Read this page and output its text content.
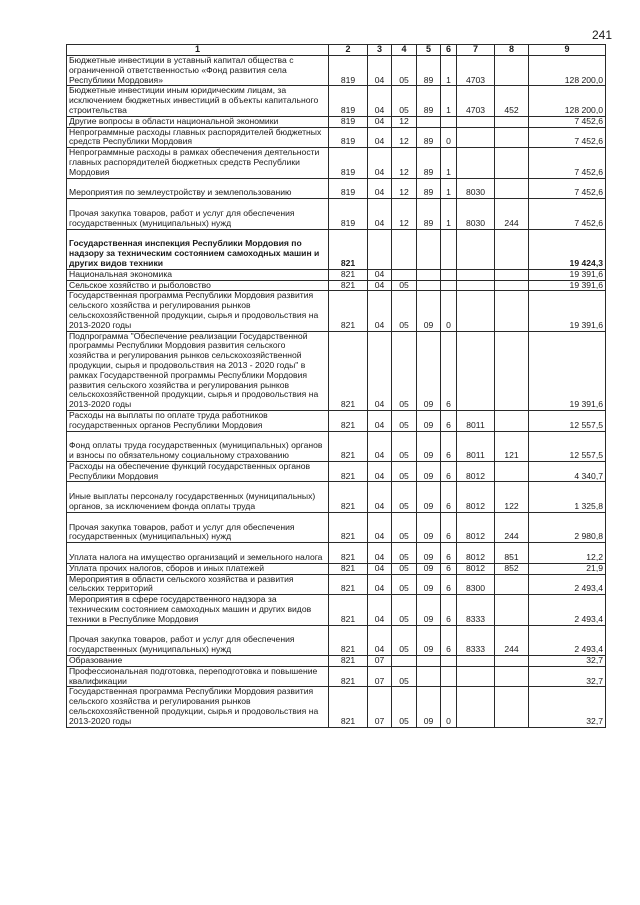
241
1	2	3	4	5	6	7	8	9
Бюджетные инвестиции в уставный капитал общества с ограниченной ответственностью «Фонд развития села Республики Мордовия»	819	04	05	89	1	4703		128 200,0
Бюджетные инвестиции иным юридическим лицам, за исключением бюджетных инвестиций в объекты капитального строительства	819	04	05	89	1	4703	452	128 200,0
Другие вопросы в области национальной экономики	819	04	12					7 452,6
Непрограммные расходы главных распорядителей бюджетных средств Республики Мордовия	819	04	12	89	0			7 452,6
Непрограммные расходы в рамках обеспечения деятельности главных распорядителей бюджетных средств Республики Мордовия	819	04	12	89	1			7 452,6
Мероприятия по землеустройству и землепользованию	819	04	12	89	1	8030		7 452,6
Прочая закупка товаров, работ и услуг для обеспечения государственных (муниципальных) нужд	819	04	12	89	1	8030	244	7 452,6
Государственная инспекция Республики Мордовия по надзору за техническим состоянием самоходных машин и других видов техники	821							19 424,3
Национальная экономика	821	04						19 391,6
Сельское хозяйство и рыболовство	821	04	05					19 391,6
Государственная программа Республики Мордовия развития сельского хозяйства и регулирования рынков сельскохозяйственной продукции, сырья и продовольствия на 2013-2020 годы	821	04	05	09	0			19 391,6
Подпрограмма "Обеспечение реализации Государственной программы Республики Мордовия развития сельского хозяйства и регулирования рынков сельскохозяйственной продукции, сырья и продовольствия на 2013 - 2020 годы" в рамках Государственной программы Республики Мордовия развития сельского хозяйства и регулирования рынков сельскохозяйственной продукции, сырья и продовольствия на 2013-2020 годы	821	04	05	09	6			19 391,6
Расходы на выплаты по оплате труда работников государственных органов Республики Мордовия	821	04	05	09	6	8011		12 557,5
Фонд оплаты труда государственных (муниципальных) органов и взносы по обязательному социальному страхованию	821	04	05	09	6	8011	121	12 557,5
Расходы на обеспечение функций государственных органов Республики Мордовия	821	04	05	09	6	8012		4 340,7
Иные выплаты персоналу государственных (муниципальных) органов, за исключением фонда оплаты труда	821	04	05	09	6	8012	122	1 325,8
Прочая закупка товаров, работ и услуг для обеспечения государственных (муниципальных) нужд	821	04	05	09	6	8012	244	2 980,8
Уплата налога на имущество организаций и земельного налога	821	04	05	09	6	8012	851	12,2
Уплата прочих налогов, сборов и иных платежей	821	04	05	09	6	8012	852	21,9
Мероприятия в области сельского хозяйства и развития сельских территорий	821	04	05	09	6	8300		2 493,4
Мероприятия в сфере государственного надзора за техническим состоянием самоходных машин и других видов техники в Республике Мордовия	821	04	05	09	6	8333		2 493,4
Прочая закупка товаров, работ и услуг для обеспечения государственных (муниципальных) нужд	821	04	05	09	6	8333	244	2 493,4
Образование	821	07						32,7
Профессиональная подготовка, переподготовка и повышение квалификации	821	07	05					32,7
Государственная программа Республики Мордовия развития сельского хозяйства и регулирования рынков сельскохозяйственной продукции, сырья и продовольствия на 2013-2020 годы	821	07	05	09	0			32,7
